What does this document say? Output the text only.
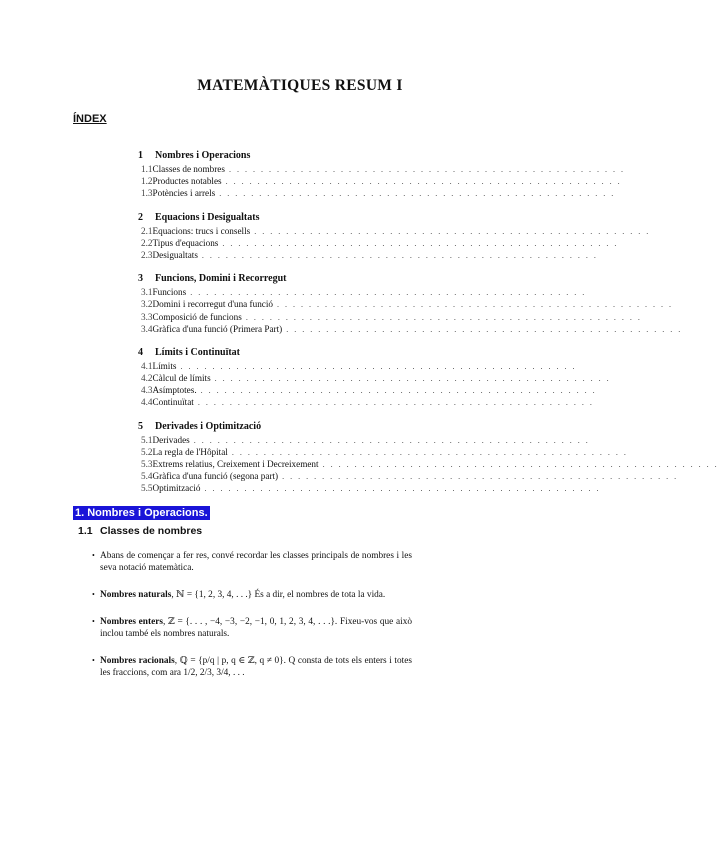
MATEMÀTIQUES RESUM I
ÍNDEX
1	Nombres i Operacions
1.1 Classes de nombres . . . . . . . . . . . . . . . . . . . . . . . . . . . . . . . . . . . . . . . . . . . . . . . . . .
1.2 Productes notables . . . . . . . . . . . . . . . . . . . . . . . . . . . . . . . . . . . . . . . . . . . . . . . . . .
1.3 Potències i arrels . . . . . . . . . . . . . . . . . . . . . . . . . . . . . . . . . . . . . . . . . . . . . . . . . .
2	Equacions i Desigualtats
2.1 Equacions: trucs i consells . . . . . . . . . . . . . . . . . . . . . . . . . . . . . . . . . . . . . . . . . . . . . . . . . .
2.2 Tipus d'equacions . . . . . . . . . . . . . . . . . . . . . . . . . . . . . . . . . . . . . . . . . . . . . . . . . .
2.3 Desigualtats . . . . . . . . . . . . . . . . . . . . . . . . . . . . . . . . . . . . . . . . . . . . . . . . . .
3	Funcions, Domini i Recorregut
3.1 Funcions . . . . . . . . . . . . . . . . . . . . . . . . . . . . . . . . . . . . . . . . . . . . . . . . . .
3.2 Domini i recorregut d'una funció . . . . . . . . . . . . . . . . . . . . . . . . . . . . . . . . . . . . . . . . . . . . . . . . . .
3.3 Composició de funcions . . . . . . . . . . . . . . . . . . . . . . . . . . . . . . . . . . . . . . . . . . . . . . . . . .
3.4 Gràfica d'una funció (Primera Part) . . . . . . . . . . . . . . . . . . . . . . . . . . . . . . . . . . . . . . . . . . . . . . . . . .
4	Límits i Continuïtat
4.1 Límits . . . . . . . . . . . . . . . . . . . . . . . . . . . . . . . . . . . . . . . . . . . . . . . . . .
4.2 Càlcul de límits . . . . . . . . . . . . . . . . . . . . . . . . . . . . . . . . . . . . . . . . . . . . . . . . . .
4.3 Asímptotes. . . . . . . . . . . . . . . . . . . . . . . . . . . . . . . . . . . . . . . . . . . . . . . . . . .
4.4 Continuïtat . . . . . . . . . . . . . . . . . . . . . . . . . . . . . . . . . . . . . . . . . . . . . . . . . .
5	Derivades i Optimització
5.1 Derivades . . . . . . . . . . . . . . . . . . . . . . . . . . . . . . . . . . . . . . . . . . . . . . . . . .
5.2 La regla de l'Hôpital . . . . . . . . . . . . . . . . . . . . . . . . . . . . . . . . . . . . . . . . . . . . . . . . . .
5.3 Extrems relatius, Creixement i Decreixement . . . . . . . . . . . . . . . . . . . . . . . . . . . . . . . . . . . . . . . . . . . . . . . . . .
5.4 Gràfica d'una funció (segona part) . . . . . . . . . . . . . . . . . . . . . . . . . . . . . . . . . . . . . . . . . . . . . . . . . .
5.5 Optimització . . . . . . . . . . . . . . . . . . . . . . . . . . . . . . . . . . . . . . . . . . . . . . . . . .
1. Nombres i Operacions.
1.1 Classes de nombres
• Abans de començar a fer res, convé recordar les classes principals de nombres i les seva notació matemàtica.
• Nombres naturals, ℕ = {1, 2, 3, 4, . . .} És a dir, el nombres de tota la vida.
• Nombres enters, ℤ = {. . . , −4, −3, −2, −1, 0, 1, 2, 3, 4, . . .}. Fixeu-vos que això inclou també els nombres naturals.
• Nombres racionals, ℚ = {p/q | p, q ∈ ℤ, q ≠ 0}. Q consta de tots els enters i totes les fraccions, com ara 1/2, 2/3, 3/4, . . .
